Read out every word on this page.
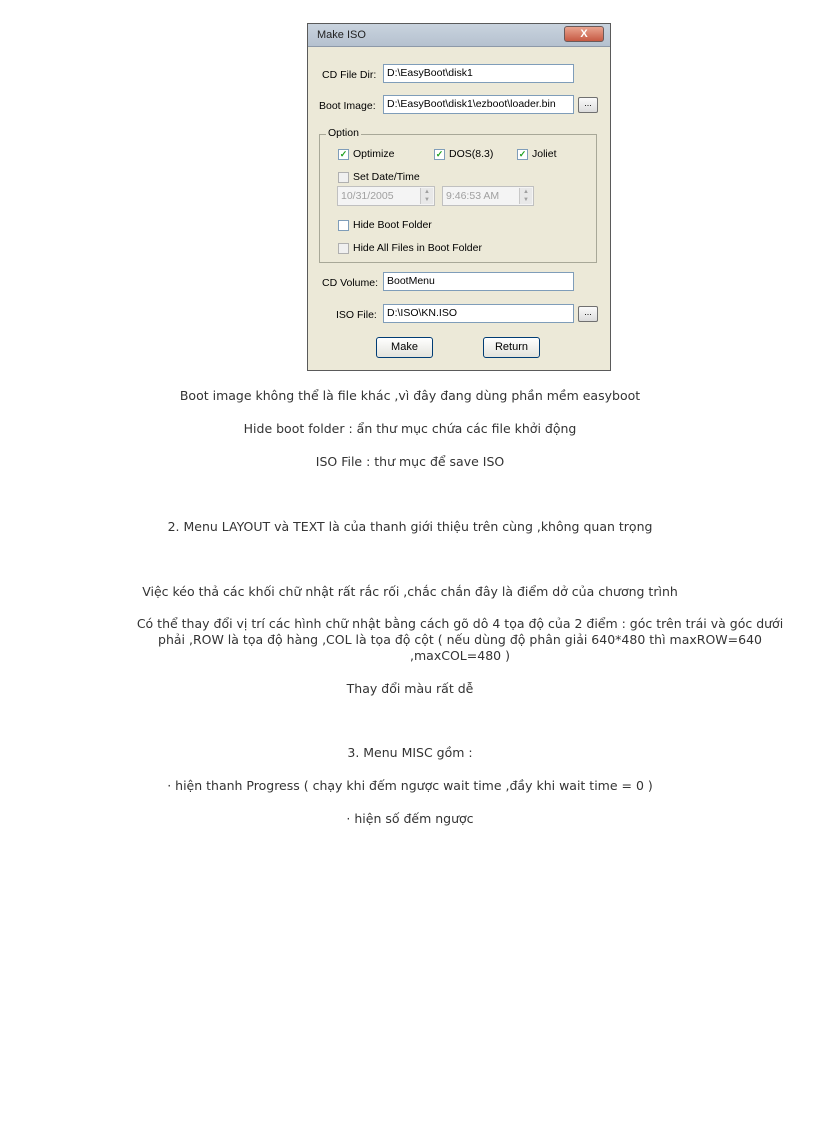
Make ISO	X
CD File Dir:	D:\EasyBoot\disk1
Boot Image:	D:\EasyBoot\disk1\ezboot\loader.bin	...
Option
✓ Optimize	✓ DOS(8.3)	✓ Joliet
Set Date/Time
10/31/2005	▲
▼	9:46:53 AM	▲
▼
Hide Boot Folder
Hide All Files in Boot Folder
CD Volume: BootMenu
ISO File: D:\ISO\KN.ISO	...
Make	Return
Boot image không thể là file khác ,vì đây đang dùng phần mềm easyboot
Hide boot folder : ẩn thư mục chứa các file khởi động
ISO File : thư mục để save ISO
2. Menu LAYOUT và TEXT là của thanh giới thiệu trên cùng ,không quan trọng
Việc kéo thả các khối chữ nhật rất rắc rối ,chắc chắn đây là điểm dở của chương trình
Có thể thay đổi vị trí các hình chữ nhật bằng cách gõ dô 4 tọa độ của 2 điểm : góc trên trái và góc dưới phải ,ROW là tọa độ hàng ,COL là tọa độ cột ( nếu dùng độ phân giải 640*480 thì maxROW=640 ,maxCOL=480 )
Thay đổi màu rất dễ
3. Menu MISC gồm :
· hiện thanh Progress ( chạy khi đếm ngược wait time ,đầy khi wait time = 0 )
· hiện số đếm ngược
